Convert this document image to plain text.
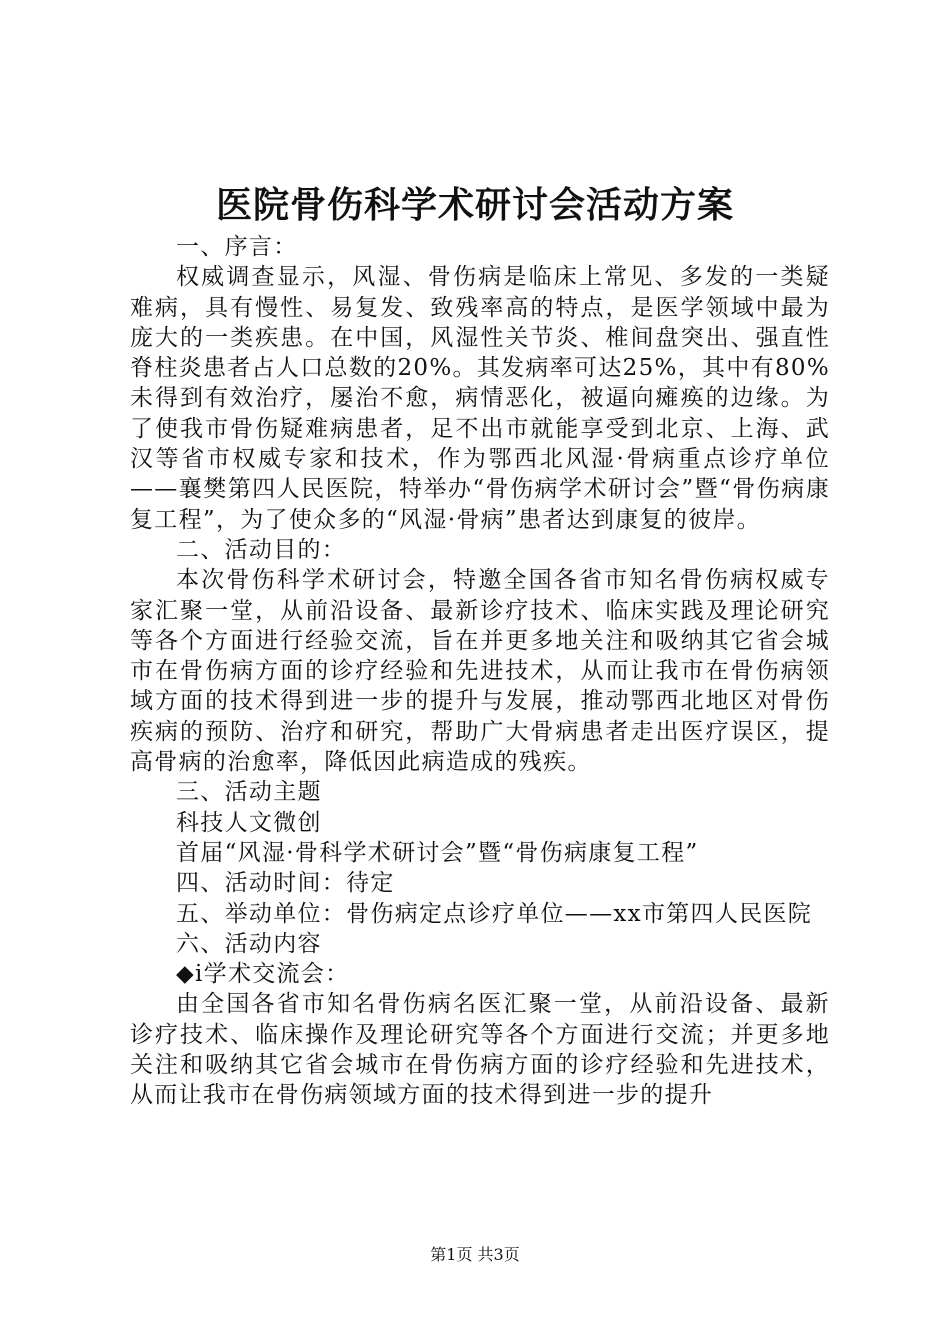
医院骨伤科学术研讨会活动方案

一、序言：

权威调查显示，风湿、骨伤病是临床上常见、多发的一类疑难病，具有慢性、易复发、致残率高的特点，是医学领域中最为庞大的一类疾患。在中国，风湿性关节炎、椎间盘突出、强直性脊柱炎患者占人口总数的20%。其发病率可达25%，其中有80%未得到有效治疗，屡治不愈，病情恶化，被逼向瘫痪的边缘。为了使我市骨伤疑难病患者，足不出市就能享受到北京、上海、武汉等省市权威专家和技术，作为鄂西北风湿·骨病重点诊疗单位——襄樊第四人民医院，特举办“骨伤病学术研讨会”暨“骨伤病康复工程”，为了使众多的“风湿·骨病”患者达到康复的彼岸。

二、活动目的：

本次骨伤科学术研讨会，特邀全国各省市知名骨伤病权威专家汇聚一堂，从前沿设备、最新诊疗技术、临床实践及理论研究等各个方面进行经验交流，旨在并更多地关注和吸纳其它省会城市在骨伤病方面的诊疗经验和先进技术，从而让我市在骨伤病领域方面的技术得到进一步的提升与发展，推动鄂西北地区对骨伤疾病的预防、治疗和研究，帮助广大骨病患者走出医疗误区，提高骨病的治愈率，降低因此病造成的残疾。

三、活动主题

科技人文微创

首届“风湿·骨科学术研讨会”暨“骨伤病康复工程”

四、活动时间：待定

五、举动单位：骨伤病定点诊疗单位——xx市第四人民医院

六、活动内容

◆i学术交流会：

由全国各省市知名骨伤病名医汇聚一堂，从前沿设备、最新诊疗技术、临床操作及理论研究等各个方面进行交流；并更多地关注和吸纳其它省会城市在骨伤病方面的诊疗经验和先进技术，从而让我市在骨伤病领域方面的技术得到进一步的提升

第1页 共3页
